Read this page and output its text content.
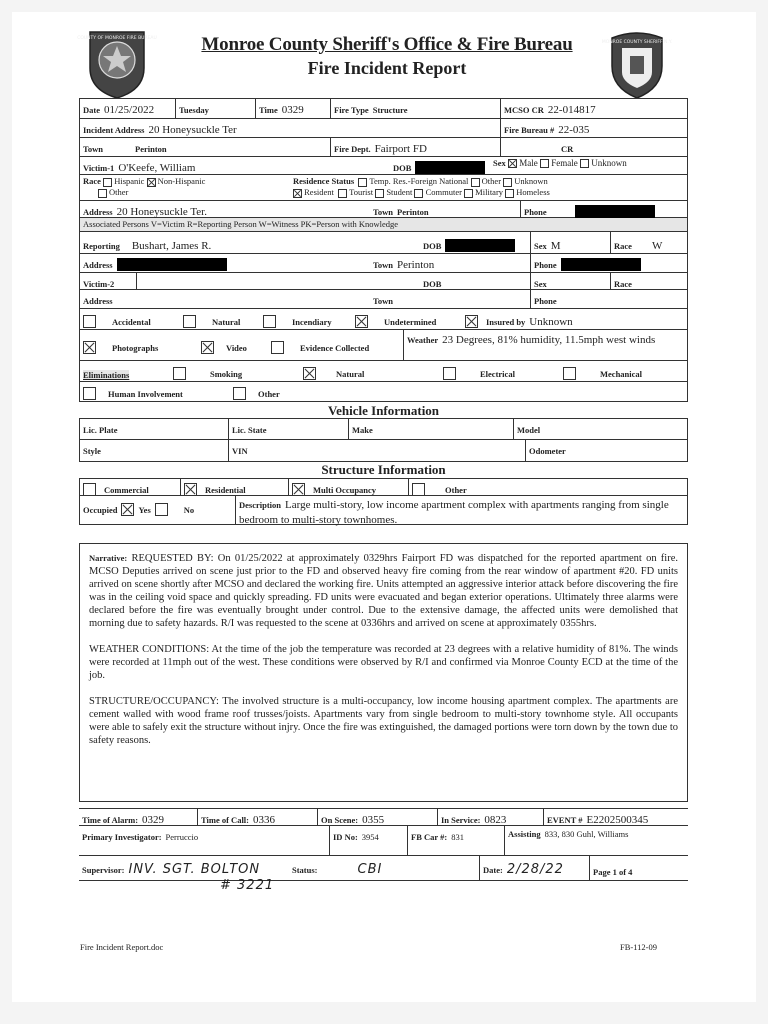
COUNTY OF MONROE FIRE BUREAU
MONROE COUNTY SHERIFF N.Y.
Monroe County Sheriff's Office & Fire Bureau
Fire Incident Report
Date 01/25/2022	Tuesday	Time 0329	Fire Type Structure	MCSO CR 22-014817
Incident Address 20 Honeysuckle Ter	Fire Bureau # 22-035
Town	Perinton	Fire Dept. Fairport FD	CR
Victim-1 O'Keefe, William	DOB	Sex Male Female Unknown
Race Hispanic Non-Hispanic
Other
Residence Status Temp. Res.-Foreign National Other Unknown
Resident Tourist Student Commuter Military Homeless
Address 20 Honeysuckle Ter.	Town Perinton	Phone
Associated Persons V=Victim R=Reporting Person W=Witness PK=Person with Knowledge
Reporting Bushart, James R.	DOB	Sex M	Race W
Address	Town Perinton	Phone
Victim-2	DOB	Sex	Race
Address	Town	Phone
Accidental	Natural	Incendiary	Undetermined	Insured by Unknown
Photographs	Video	Evidence Collected
Weather 23 Degrees, 81% humidity, 11.5mph west winds
Eliminations	Smoking	Natural	Electrical	Mechanical
Human Involvement	Other
Vehicle Information
Lic. Plate	Lic. State	Make	Model
Style	VIN	Odometer
Structure Information
Commercial	Residential	Multi Occupancy	Other
Occupied Yes	No	Description Large multi-story, low income apartment complex with apartments ranging from single bedroom to multi-story townhomes.

Narrative: REQUESTED BY: On 01/25/2022 at approximately 0329hrs Fairport FD was dispatched for the reported apartment on fire. MCSO Deputies arrived on scene just prior to the FD and observed heavy fire coming from the rear window of apartment #20. FD units arrived on scene shortly after MCSO and declared the working fire. Units attempted an aggressive interior attack before discovering the fire was in the ceiling void space and quickly spreading. FD units were evacuated and began exterior operations. Ultimately three alarms were declared before the fire was eventually brought under control. Due to the extensive damage, the affected units were demolished that morning due to safety hazards. R/I was requested to the scene at 0336hrs and arrived on scene at approximately 0355hrs.

WEATHER CONDITIONS: At the time of the job the temperature was recorded at 23 degrees with a relative humidity of 81%. The winds were recorded at 11mph out of the west. These conditions were observed by R/I and confirmed via Monroe County ECD at the time of the job.

STRUCTURE/OCCUPANCY: The involved structure is a multi-occupancy, low income housing apartment complex. The apartments are cement walled with wood frame roof trusses/joists. Apartments vary from single bedroom to multi-story townhome style. All occupants were able to safely exit the structure without injry. Once the fire was extinguished, the damaged portions were torn down by the town due to safety reasons.

Time of Alarm: 0329	Time of Call: 0336	On Scene: 0355	In Service: 0823	EVENT # E2202500345
Primary Investigator: Perruccio	ID No: 3954	FB Car #: 831	Assisting 833, 830 Guhl, Williams
Supervisor: INV. SGT. BOLTON	Status:	CBI	Date: 2/28/22	Page 1 of 4
# 3221
Fire Incident Report.doc	FB-112-09
